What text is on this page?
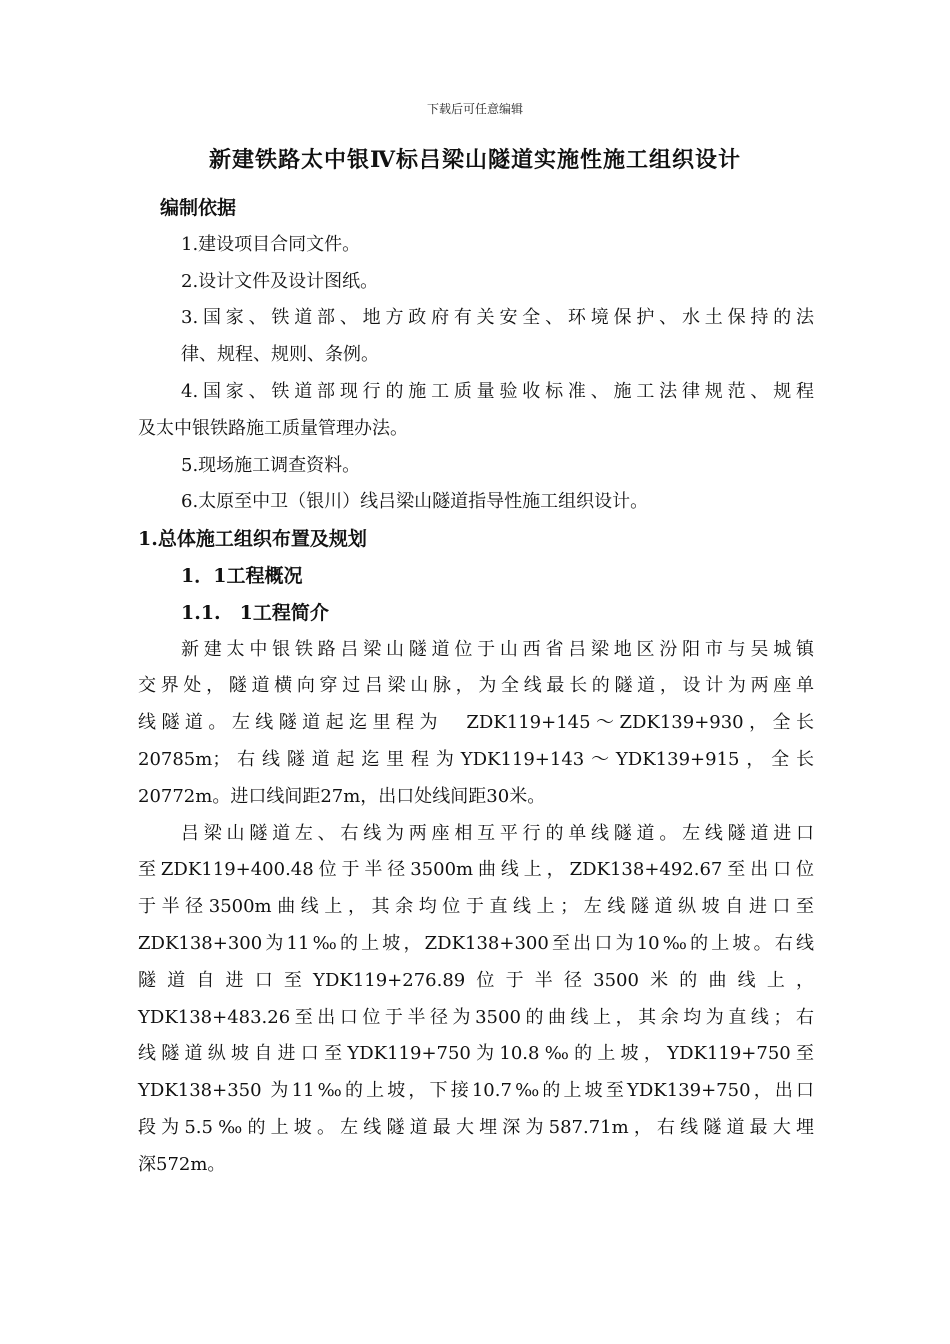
下载后可任意编辑
新建铁路太中银Ⅳ标吕梁山隧道实施性施工组织设计
编制依据
1.建设项目合同文件。
2.设计文件及设计图纸。
3.国家、铁道部、地方政府有关安全、环境保护、水土保持的法
律、规程、规则、条例。
4.国家、铁道部现行的施工质量验收标准、施工法律规范、规程
及太中银铁路施工质量管理办法。
5.现场施工调查资料。
6.太原至中卫（银川）线吕梁山隧道指导性施工组织设计。
1.总体施工组织布置及规划
1．1工程概况
1.1.　1工程简介
新建太中银铁路吕梁山隧道位于山西省吕梁地区汾阳市与吴城镇
交界处，隧道横向穿过吕梁山脉，为全线最长的隧道，设计为两座单
线隧道。左线隧道起迄里程为　ZDK119+145～ZDK139+930，全长
20785m；右线隧道起迄里程为YDK119+143～YDK139+915，全长
20772m。进口线间距27m，出口处线间距30米。
吕梁山隧道左、右线为两座相互平行的单线隧道。左线隧道进口
至ZDK119+400.48位于半径3500m曲线上，ZDK138+492.67至出口位
于半径3500m曲线上，其余均位于直线上；左线隧道纵坡自进口至
ZDK138+300为11‰的上坡，ZDK138+300至出口为10‰的上坡。右线
隧道自进口至YDK119+276.89位于半径3500米的曲线上，
YDK138+483.26至出口位于半径为3500的曲线上，其余均为直线；右
线隧道纵坡自进口至YDK119+750为10.8‰的上坡，YDK119+750至
YDK138+350 为11‰的上坡，下接10.7‰的上坡至YDK139+750，出口
段为5.5‰的上坡。左线隧道最大埋深为587.71m，右线隧道最大埋
深572m。
